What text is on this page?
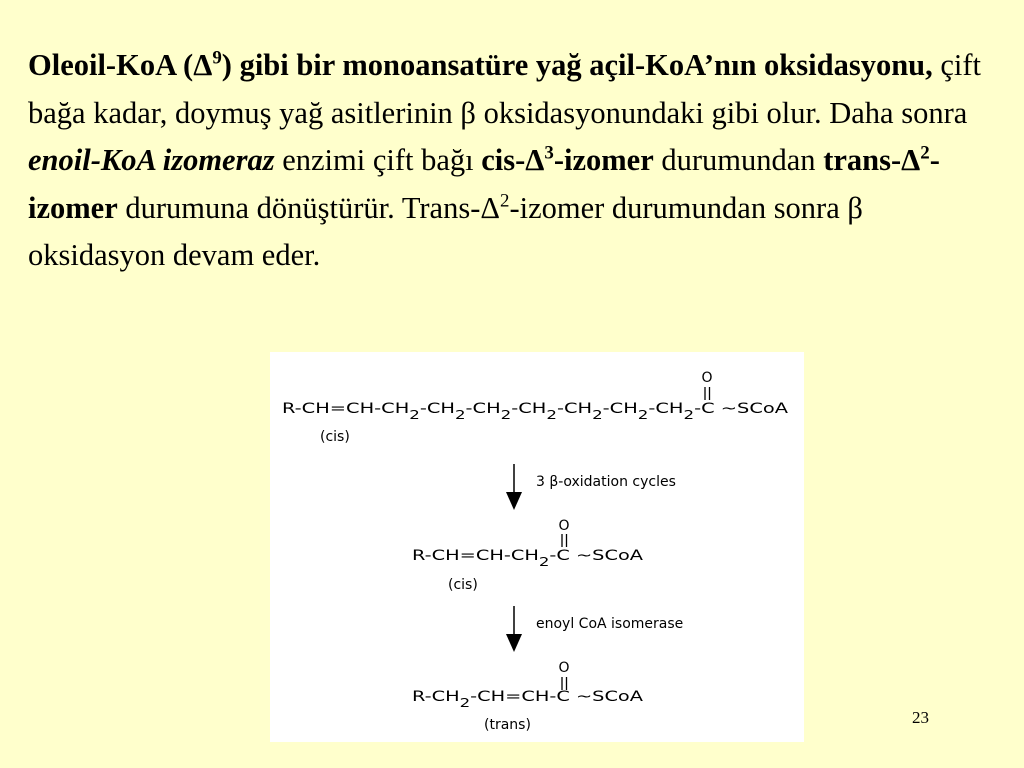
Oleoil-KoA $(\Delta^9)$ gibi bir monoansatüre yağ açil-KoA’nın oksidasyonu, çift bağa kadar, doymuş yağ asitlerinin β oksidasyonundaki gibi olur. Daha sonra enoil-KoA izomeraz enzimi çift bağı cis-$\Delta^3$-izomer durumundan trans-$\Delta^2$-izomer durumuna dönüştürür. Trans-$\Delta^2$-izomer durumundan sonra β oksidasyon devam eder.
O
R-CH=CH-CH	2 -CH 2 -CH 2 -CH 2 -CH 2 -CH 2 -CH 2 -C ~SCoA
(cis)
3 β-oxidation cycles
O
R-CH=CH-CH	2 -C ~SCoA
(cis)
enoyl CoA isomerase
O
R-CH 2 -CH=CH-C ~SCoA
(trans)	23
